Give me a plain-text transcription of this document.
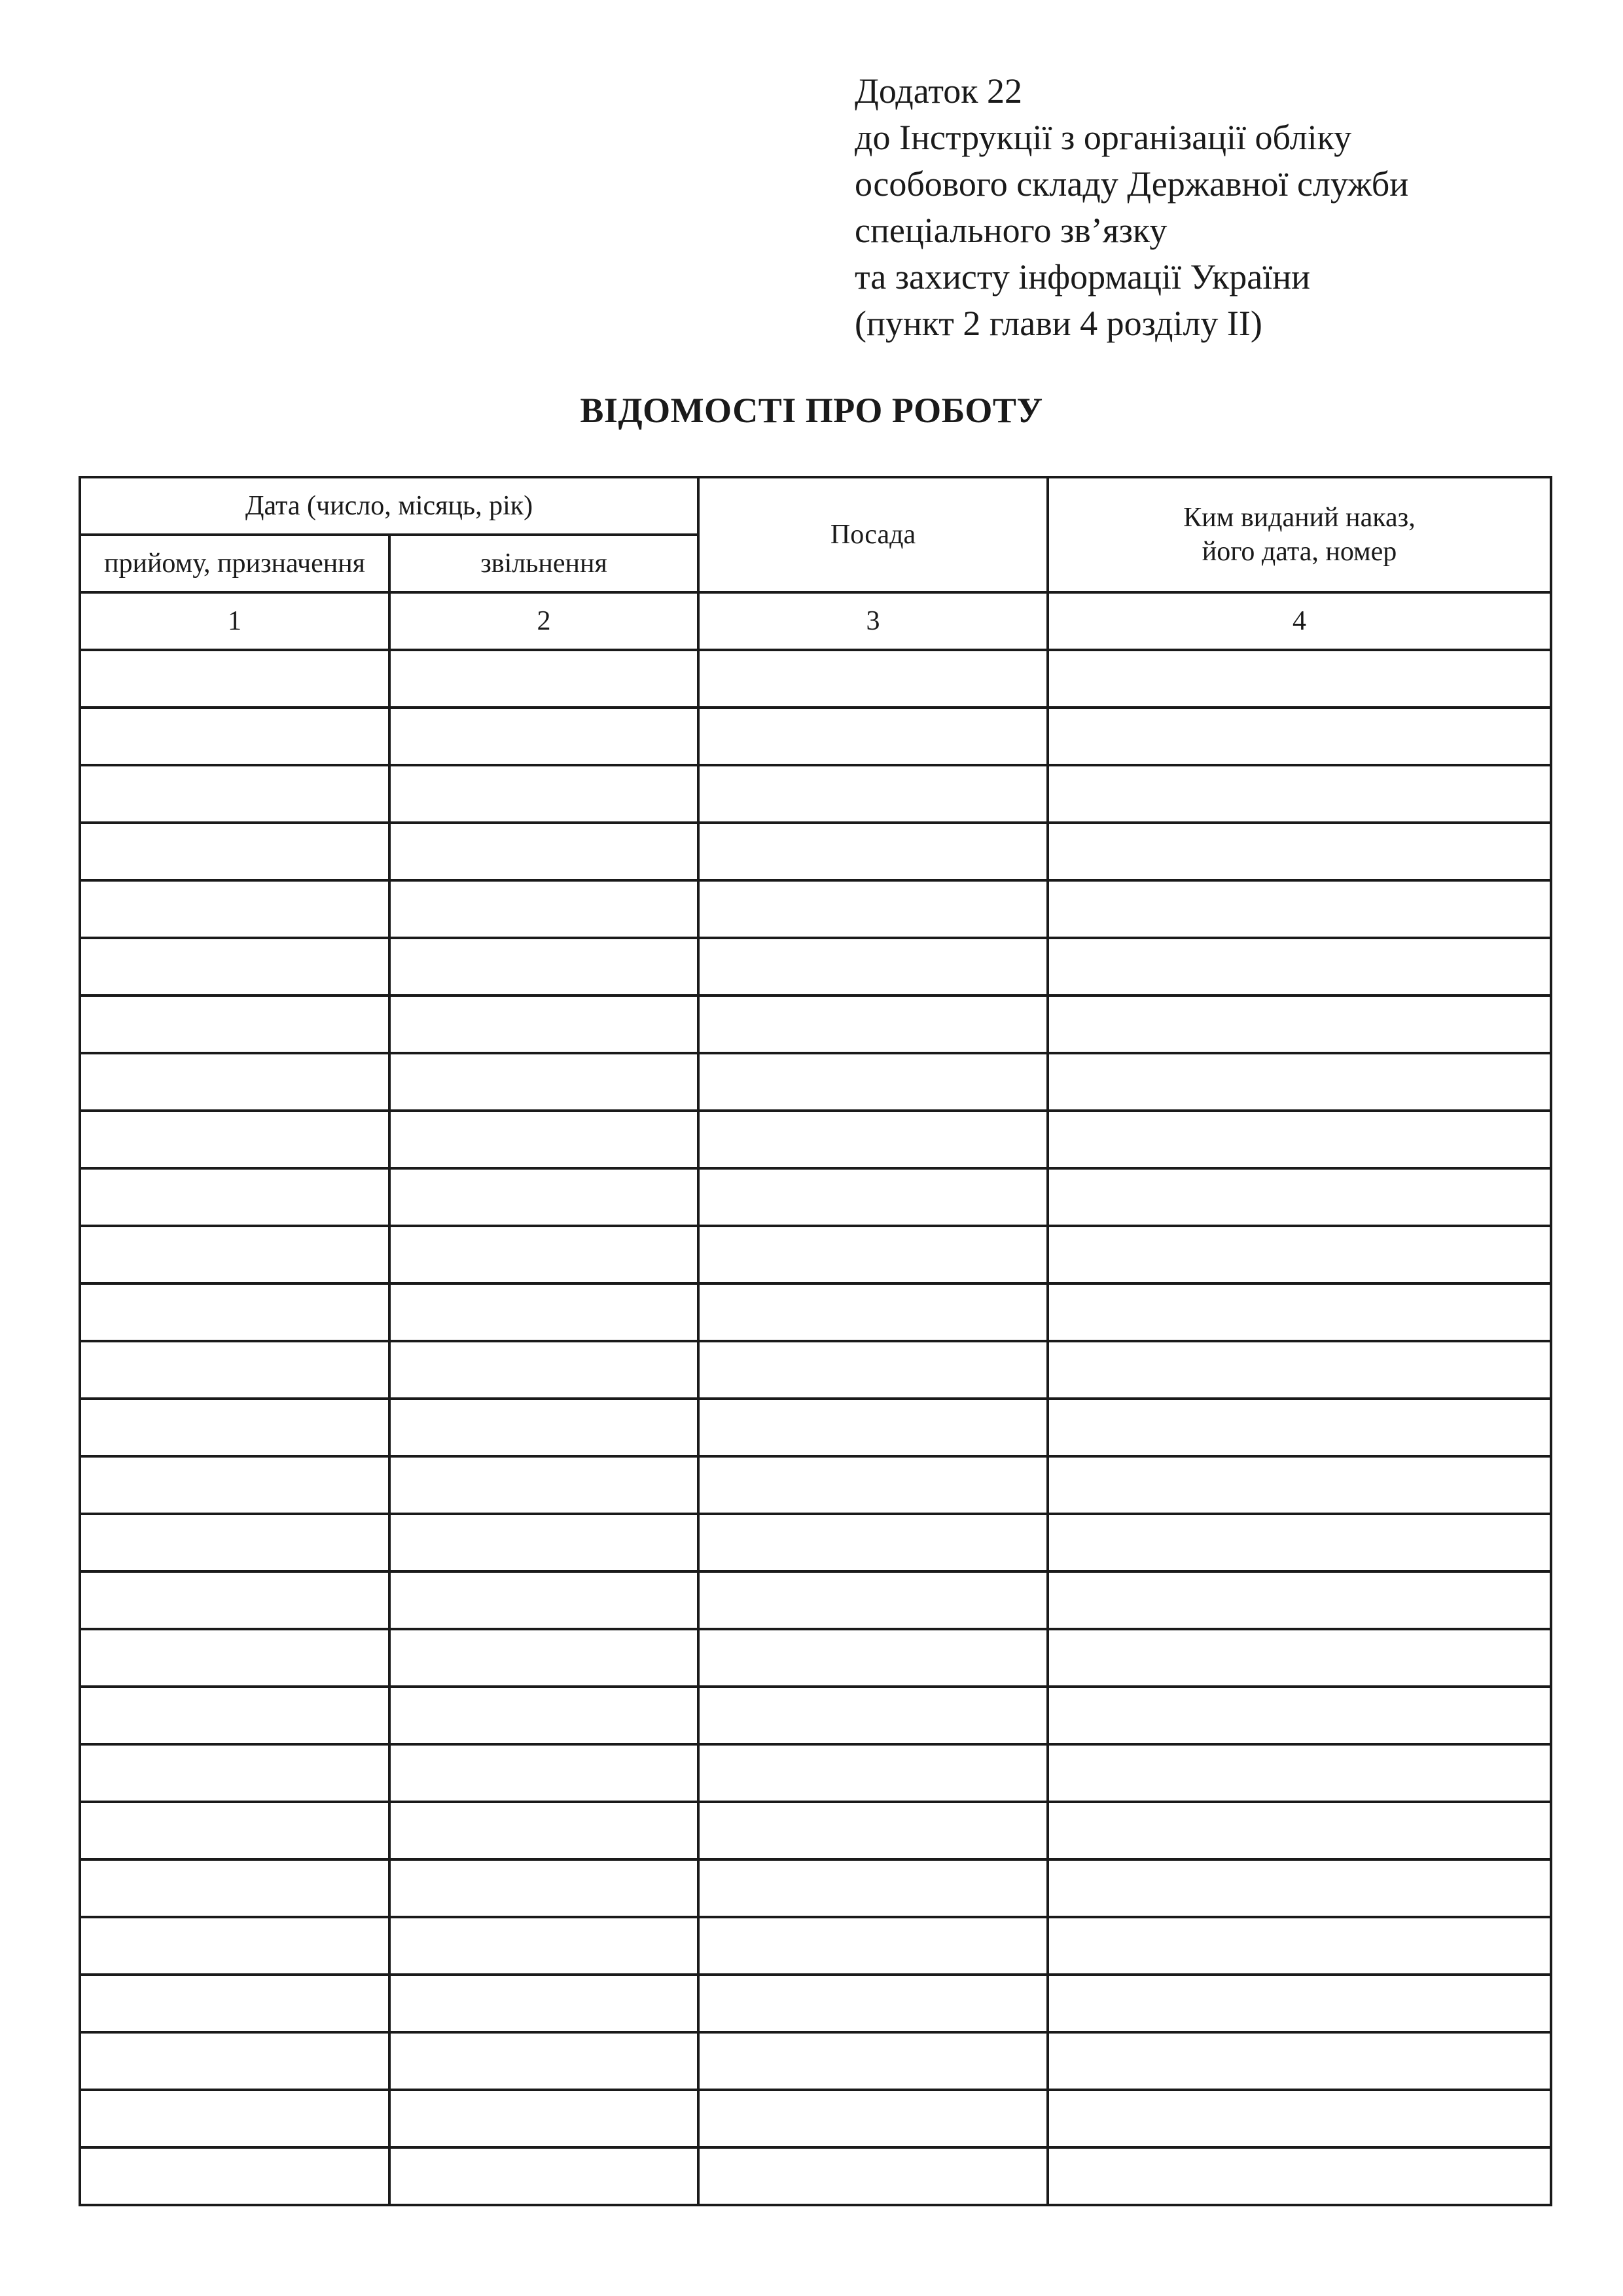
Додаток 22
до Інструкції з організації обліку
особового складу Державної служби
спеціального зв’язку
та захисту інформації України
(пункт 2 глави 4 розділу ІІ)
ВІДОМОСТІ ПРО РОБОТУ
Дата (число, місяць, рік)		Посада	Ким виданий наказ,
його дата, номер

прийому, призначення	звільнення		
1	2	3	4
